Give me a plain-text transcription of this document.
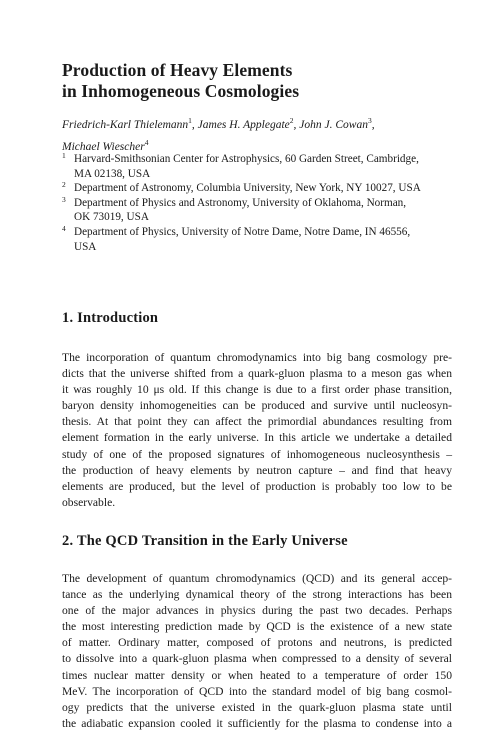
Production of Heavy Elements
in Inhomogeneous Cosmologies
Friedrich-Karl Thielemann$^1$, James H. Applegate$^2$, John J. Cowan$^3$,
Michael Wiescher$^4$
1 Harvard-Smithsonian Center for Astrophysics, 60 Garden Street, Cambridge,
MA 02138, USA
2 Department of Astronomy, Columbia University, New York, NY 10027, USA
3 Department of Physics and Astronomy, University of Oklahoma, Norman,
OK 73019, USA
4 Department of Physics, University of Notre Dame, Notre Dame, IN 46556,
USA
1. Introduction
The incorporation of quantum chromodynamics into big bang cosmology pre-
dicts that the universe shifted from a quark-gluon plasma to a meson gas when
it was roughly 10 μs old. If this change is due to a first order phase transition,
baryon density inhomogeneities can be produced and survive until nucleosyn-
thesis. At that point they can affect the primordial abundances resulting from
element formation in the early universe. In this article we undertake a detailed
study of one of the proposed signatures of inhomogeneous nucleosynthesis –
the production of heavy elements by neutron capture – and find that heavy
elements are produced, but the level of production is probably too low to be
observable.
2. The QCD Transition in the Early Universe
The development of quantum chromodynamics (QCD) and its general accep-
tance as the underlying dynamical theory of the strong interactions has been
one of the major advances in physics during the past two decades. Perhaps
the most interesting prediction made by QCD is the existence of a new state
of matter. Ordinary matter, composed of protons and neutrons, is predicted
to dissolve into a quark-gluon plasma when compressed to a density of several
times nuclear matter density or when heated to a temperature of order 150
MeV. The incorporation of QCD into the standard model of big bang cosmol-
ogy predicts that the universe existed in the quark-gluon plasma state until
the adiabatic expansion cooled it sufficiently for the plasma to condense into a
